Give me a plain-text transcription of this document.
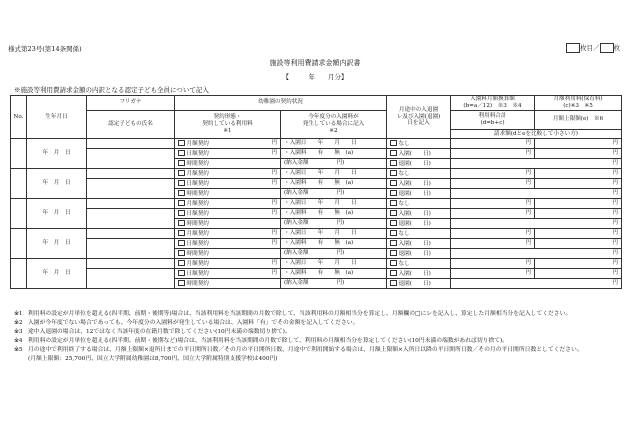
様式第23号(第14条関係)	枚目／ 枚
施設等利用費請求金額内訳書
【　　　年　　月分】
※施設等利用費請求金額の内訳となる認定子ども全員について記入
No.	生年月日	フリガナ	幼稚園の契約状況		月途中の入退園
レ及び入園(退園)
日を記入	入園料月額換算額
(b=a／12)　※3　※4	月額利用料(保育料)
(c)※3　※5
		認定子どもの氏名	契約形態・
契約している利用料
※1	今年度分の入園料が
発生している場合に記入
※2		利用料合計
(d=b+c)	月額上限額(e)　※6
						請求額(dとeを比較して小さい方)	
	年　月　日		月額契約 円	・入園日　　年　　月　　日	なし	円	円

			日額契約 円	・入園料　　有　　無　(a)	入園(　　日)	円	円

			時間契約	(納入金額　　　　　円)	退園(　　日)	円	

	年　月　日		月額契約 円	・入園日　　年　　月　　日	なし	円	円

			日額契約 円	・入園料　　有　　無　(a)	入園(　　日)	円	円

			時間契約	(納入金額　　　　　円)	退園(　　日)	円	

	年　月　日		月額契約 円	・入園日　　年　　月　　日	なし	円	円

			日額契約 円	・入園料　　有　　無　(a)	入園(　　日)	円	円

			時間契約	(納入金額　　　　　円)	退園(　　日)	円	

	年　月　日		月額契約 円	・入園日　　年　　月　　日	なし	円	円

			日額契約 円	・入園料　　有　　無　(a)	入園(　　日)	円	円

			時間契約	(納入金額　　　　　円)	退園(　　日)	円	

	年　月　日		月額契約 円	・入園日　　年　　月　　日	なし	円	円

			日額契約 円	・入園料　　有　　無　(a)	入園(　　日)	円	円

			時間契約	(納入金額　　　　　円)	退園(　　日)	円	
※1 利用料の設定が月単位を超える(四半期、前期・後期等)場合は、当該利用料を当該期間の月数で除して、当該利用料の月額相当分を算定し、月額欄の□にレを記入し、算定した月額相当分を記入してください。
※2 入園が今年度でない場合であっても、今年度分の入園料が発生している場合は、入園料「有」でその金額を記入してください。
※3 途中入退園の場合は、12ではなく当該年度の在籍月数で除してください(10円未満の端数切り捨て)。
※4 利用料の設定が月単位を超える(四半期、前期・後期など)場合は、当該利用料を当該期間の月数で除して、利用料の月額相当分を算定してください(10円未満の端数があれば切り捨て)。
※5 月の途中で利用終了する場合は、月額上限額×退所日までの平日開所日数／その月の平日開所日数、月途中で利用開始する場合は、月額上限額×入所日以降の平日開所日数／その月の平日開所日数としてください。
(月額上限額：25,700円、国立大学附属幼稚園は8,700円、国立大学附属特別支援学校は400円)
